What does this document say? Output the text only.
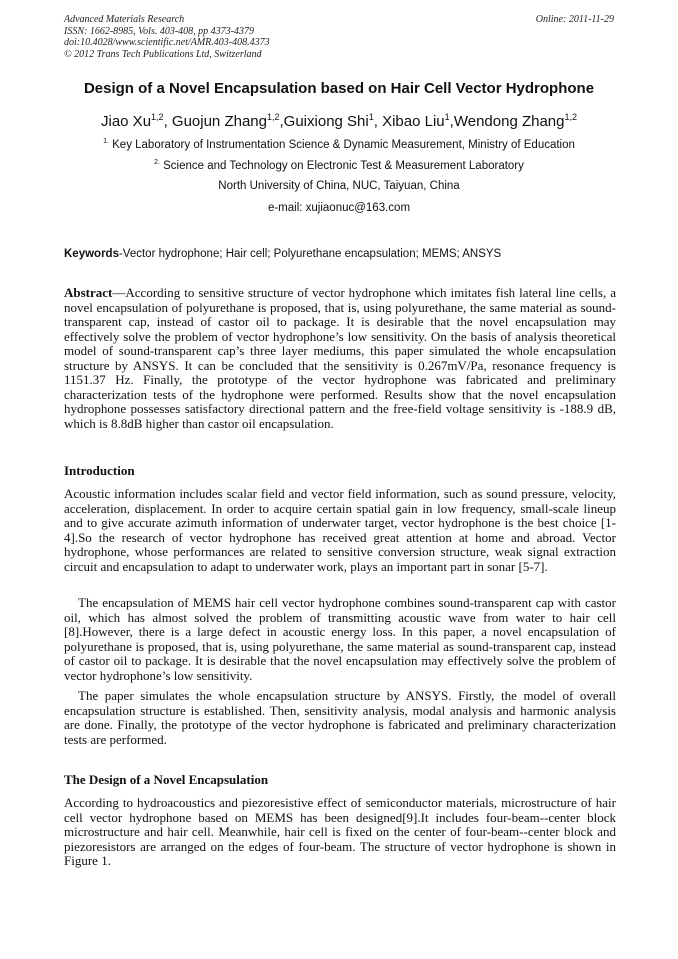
Advanced Materials Research
ISSN: 1662-8985, Vols. 403-408, pp 4373-4379
doi:10.4028/www.scientific.net/AMR.403-408.4373
© 2012 Trans Tech Publications Ltd, Switzerland
Online: 2011-11-29
Design of a Novel Encapsulation based on Hair Cell Vector Hydrophone
Jiao Xu$^{1,2}$, Guojun Zhang$^{1,2}$,Guixiong Shi$^1$, Xibao Liu$^1$,Wendong Zhang$^{1,2}$
$^{1.}$ Key Laboratory of Instrumentation Science & Dynamic Measurement, Ministry of Education
$^{2.}$ Science and Technology on Electronic Test & Measurement Laboratory
North University of China, NUC, Taiyuan, China
e-mail: xujiaonuc@163.com
Keywords-Vector hydrophone; Hair cell; Polyurethane encapsulation; MEMS; ANSYS

Abstract—According to sensitive structure of vector hydrophone which imitates fish lateral line cells, a novel encapsulation of polyurethane is proposed, that is, using polyurethane, the same material as sound-transparent cap, instead of castor oil to package. It is desirable that the novel encapsulation may effectively solve the problem of vector hydrophone’s low sensitivity. On the basis of analysis theoretical model of sound-transparent cap’s three layer mediums, this paper simulated the whole encapsulation structure by ANSYS. It can be concluded that the sensitivity is 0.267mV/Pa, resonance frequency is 1151.37 Hz. Finally, the prototype of the vector hydrophone was fabricated and preliminary characterization tests of the hydrophone were performed. Results show that the novel encapsulation hydrophone possesses satisfactory directional pattern and the free-field voltage sensitivity is -188.9 dB, which is 8.8dB higher than castor oil encapsulation.

Introduction

Acoustic information includes scalar field and vector field information, such as sound pressure, velocity, acceleration, displacement. In order to acquire certain spatial gain in low frequency, small-scale lineup and to give accurate azimuth information of underwater target, vector hydrophone is the best choice [1-4].So the research of vector hydrophone has received great attention at home and abroad. Vector hydrophone, whose performances are related to sensitive conversion structure, weak signal extraction circuit and encapsulation to adapt to underwater work, plays an important part in sonar [5-7].

The encapsulation of MEMS hair cell vector hydrophone combines sound-transparent cap with castor oil, which has almost solved the problem of transmitting acoustic wave from water to hair cell [8].However, there is a large defect in acoustic energy loss. In this paper, a novel encapsulation of polyurethane is proposed, that is, using polyurethane, the same material as sound-transparent cap, instead of castor oil to package. It is desirable that the novel encapsulation may effectively solve the problem of vector hydrophone’s low sensitivity.

The paper simulates the whole encapsulation structure by ANSYS. Firstly, the model of overall encapsulation structure is established. Then, sensitivity analysis, modal analysis and harmonic analysis are done. Finally, the prototype of the vector hydrophone is fabricated and preliminary characterization tests are performed.

The Design of a Novel Encapsulation

According to hydroacoustics and piezoresistive effect of semiconductor materials, microstructure of hair cell vector hydrophone based on MEMS has been designed[9].It includes four-beam--center block microstructure and hair cell. Meanwhile, hair cell is fixed on the center of four-beam--center block and piezoresistors are arranged on the edges of four-beam. The structure of vector hydrophone is shown in Figure 1.
